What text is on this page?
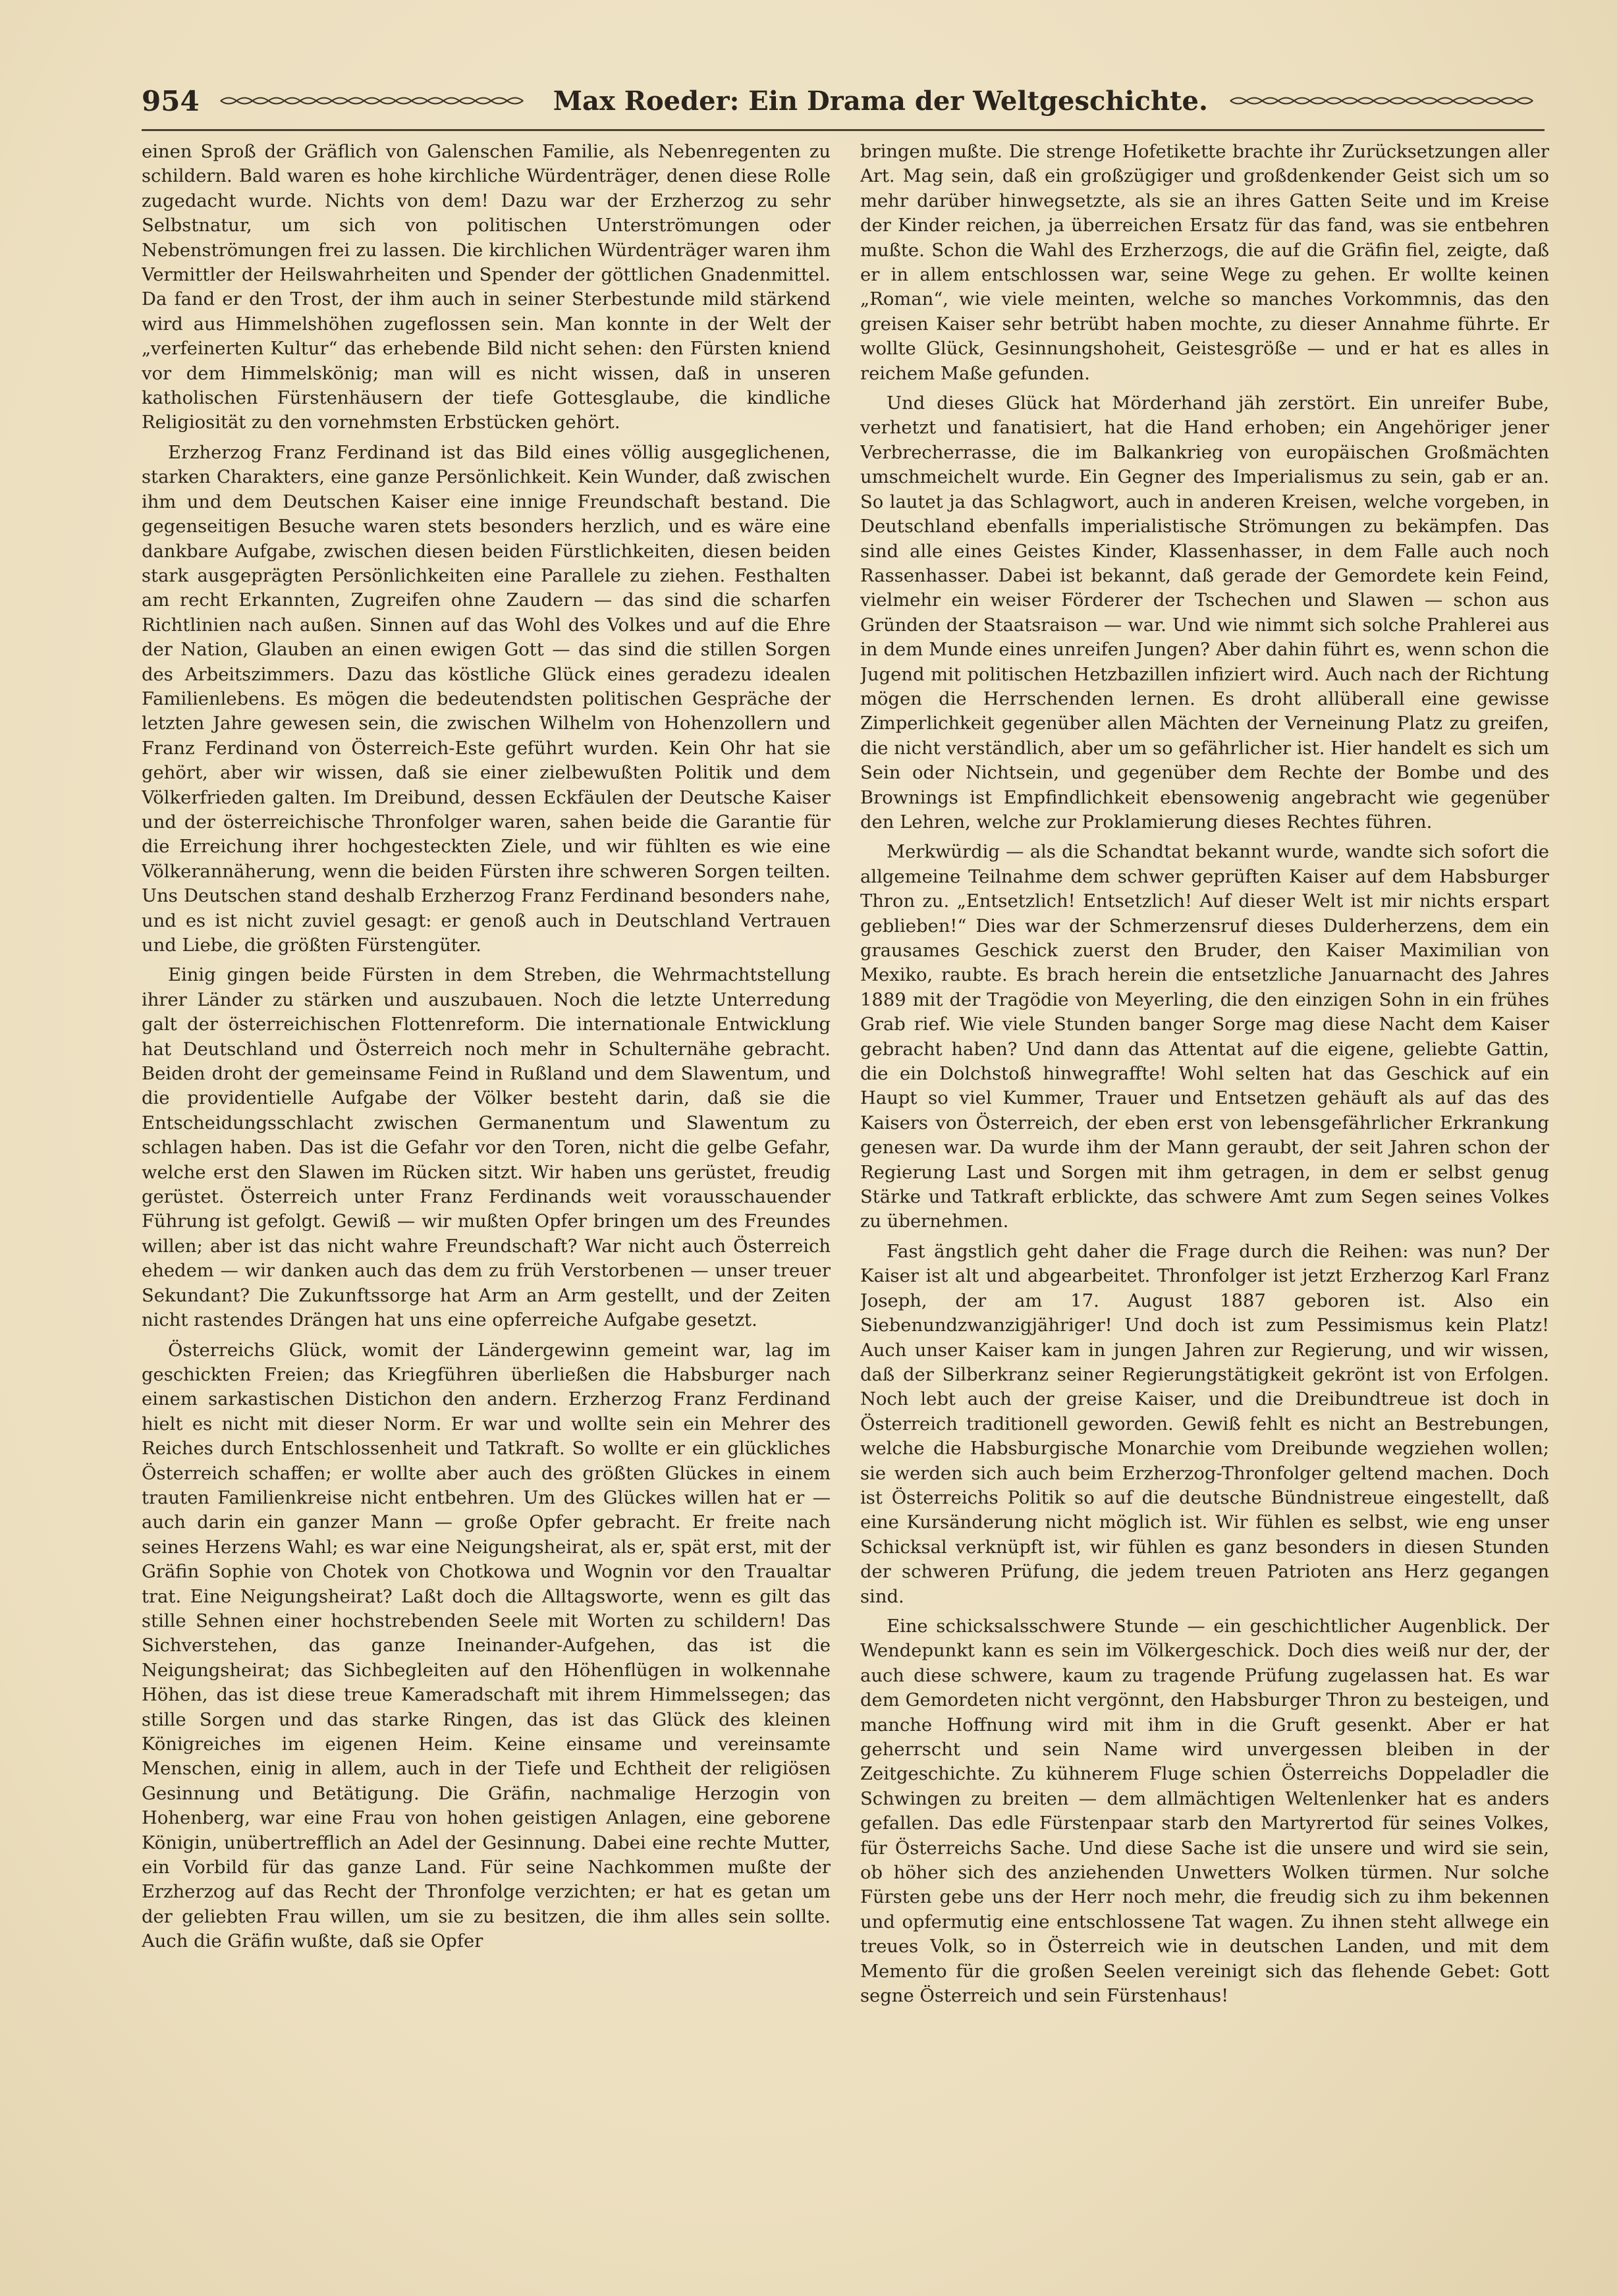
954	Max Roeder: Ein Drama der Weltgeschichte.

einen Sproß der Gräflich von Galenschen Familie, als Nebenregenten zu schildern. Bald waren es hohe kirchliche Würdenträger, denen diese Rolle zugedacht wurde. Nichts von dem! Dazu war der Erzherzog zu sehr Selbstnatur, um sich von politischen Unterströmungen oder Nebenströmungen frei zu lassen. Die kirchlichen Würdenträger waren ihm Vermittler der Heilswahrheiten und Spender der göttlichen Gnadenmittel. Da fand er den Trost, der ihm auch in seiner Sterbestunde mild stärkend wird aus Himmelshöhen zugeflossen sein. Man konnte in der Welt der „verfeinerten Kultur“ das erhebende Bild nicht sehen: den Fürsten kniend vor dem Himmelskönig; man will es nicht wissen, daß in unseren katholischen Fürstenhäusern der tiefe Gottesglaube, die kindliche Religiosität zu den vornehmsten Erbstücken gehört.

Erzherzog Franz Ferdinand ist das Bild eines völlig ausgeglichenen, starken Charakters, eine ganze Persönlichkeit. Kein Wunder, daß zwischen ihm und dem Deutschen Kaiser eine innige Freundschaft bestand. Die gegenseitigen Besuche waren stets besonders herzlich, und es wäre eine dankbare Aufgabe, zwischen diesen beiden Fürstlichkeiten, diesen beiden stark ausgeprägten Persönlichkeiten eine Parallele zu ziehen. Festhalten am recht Erkannten, Zugreifen ohne Zaudern — das sind die scharfen Richtlinien nach außen. Sinnen auf das Wohl des Volkes und auf die Ehre der Nation, Glauben an einen ewigen Gott — das sind die stillen Sorgen des Arbeitszimmers. Dazu das köstliche Glück eines geradezu idealen Familienlebens. Es mögen die bedeutendsten politischen Gespräche der letzten Jahre gewesen sein, die zwischen Wilhelm von Hohenzollern und Franz Ferdinand von Österreich-Este geführt wurden. Kein Ohr hat sie gehört, aber wir wissen, daß sie einer zielbewußten Politik und dem Völkerfrieden galten. Im Dreibund, dessen Eckfäulen der Deutsche Kaiser und der österreichische Thronfolger waren, sahen beide die Garantie für die Erreichung ihrer hochgesteckten Ziele, und wir fühlten es wie eine Völkerannäherung, wenn die beiden Fürsten ihre schweren Sorgen teilten. Uns Deutschen stand deshalb Erzherzog Franz Ferdinand besonders nahe, und es ist nicht zuviel gesagt: er genoß auch in Deutschland Vertrauen und Liebe, die größten Fürstengüter.

Einig gingen beide Fürsten in dem Streben, die Wehrmachtstellung ihrer Länder zu stärken und auszubauen. Noch die letzte Unterredung galt der österreichischen Flottenreform. Die internationale Entwicklung hat Deutschland und Österreich noch mehr in Schulternähe gebracht. Beiden droht der gemeinsame Feind in Rußland und dem Slawentum, und die providentielle Aufgabe der Völker besteht darin, daß sie die Entscheidungsschlacht zwischen Germanentum und Slawentum zu schlagen haben. Das ist die Gefahr vor den Toren, nicht die gelbe Gefahr, welche erst den Slawen im Rücken sitzt. Wir haben uns gerüstet, freudig gerüstet. Österreich unter Franz Ferdinands weit vorausschauender Führung ist gefolgt. Gewiß — wir mußten Opfer bringen um des Freundes willen; aber ist das nicht wahre Freundschaft? War nicht auch Österreich ehedem — wir danken auch das dem zu früh Verstorbenen — unser treuer Sekundant? Die Zukunftssorge hat Arm an Arm gestellt, und der Zeiten nicht rastendes Drängen hat uns eine opferreiche Aufgabe gesetzt.

Österreichs Glück, womit der Ländergewinn gemeint war, lag im geschickten Freien; das Kriegführen überließen die Habsburger nach einem sarkastischen Distichon den andern. Erzherzog Franz Ferdinand hielt es nicht mit dieser Norm. Er war und wollte sein ein Mehrer des Reiches durch Entschlossenheit und Tatkraft. So wollte er ein glückliches Österreich schaffen; er wollte aber auch des größten Glückes in einem trauten Familienkreise nicht entbehren. Um des Glückes willen hat er — auch darin ein ganzer Mann — große Opfer gebracht. Er freite nach seines Herzens Wahl; es war eine Neigungsheirat, als er, spät erst, mit der Gräfin Sophie von Chotek von Chotkowa und Wognin vor den Traualtar trat. Eine Neigungsheirat? Laßt doch die Alltagsworte, wenn es gilt das stille Sehnen einer hochstrebenden Seele mit Worten zu schildern! Das Sichverstehen, das ganze Ineinander-Aufgehen, das ist die Neigungsheirat; das Sichbegleiten auf den Höhenflügen in wolkennahe Höhen, das ist diese treue Kameradschaft mit ihrem Himmelssegen; das stille Sorgen und das starke Ringen, das ist das Glück des kleinen Königreiches im eigenen Heim. Keine einsame und vereinsamte Menschen, einig in allem, auch in der Tiefe und Echtheit der religiösen Gesinnung und Betätigung. Die Gräfin, nachmalige Herzogin von Hohenberg, war eine Frau von hohen geistigen Anlagen, eine geborene Königin, unübertrefflich an Adel der Gesinnung. Dabei eine rechte Mutter, ein Vorbild für das ganze Land. Für seine Nachkommen mußte der Erzherzog auf das Recht der Thronfolge verzichten; er hat es getan um der geliebten Frau willen, um sie zu besitzen, die ihm alles sein sollte. Auch die Gräfin wußte, daß sie Opfer

bringen mußte. Die strenge Hofetikette brachte ihr Zurücksetzungen aller Art. Mag sein, daß ein großzügiger und großdenkender Geist sich um so mehr darüber hinwegsetzte, als sie an ihres Gatten Seite und im Kreise der Kinder reichen, ja überreichen Ersatz für das fand, was sie entbehren mußte. Schon die Wahl des Erzherzogs, die auf die Gräfin fiel, zeigte, daß er in allem entschlossen war, seine Wege zu gehen. Er wollte keinen „Roman“, wie viele meinten, welche so manches Vorkommnis, das den greisen Kaiser sehr betrübt haben mochte, zu dieser Annahme führte. Er wollte Glück, Gesinnungshoheit, Geistesgröße — und er hat es alles in reichem Maße gefunden.

Und dieses Glück hat Mörderhand jäh zerstört. Ein unreifer Bube, verhetzt und fanatisiert, hat die Hand erhoben; ein Angehöriger jener Verbrecherrasse, die im Balkankrieg von europäischen Großmächten umschmeichelt wurde. Ein Gegner des Imperialismus zu sein, gab er an. So lautet ja das Schlagwort, auch in anderen Kreisen, welche vorgeben, in Deutschland ebenfalls imperialistische Strömungen zu bekämpfen. Das sind alle eines Geistes Kinder, Klassenhasser, in dem Falle auch noch Rassenhasser. Dabei ist bekannt, daß gerade der Gemordete kein Feind, vielmehr ein weiser Förderer der Tschechen und Slawen — schon aus Gründen der Staatsraison — war. Und wie nimmt sich solche Prahlerei aus in dem Munde eines unreifen Jungen? Aber dahin führt es, wenn schon die Jugend mit politischen Hetzbazillen infiziert wird. Auch nach der Richtung mögen die Herrschenden lernen. Es droht allüberall eine gewisse Zimperlichkeit gegenüber allen Mächten der Verneinung Platz zu greifen, die nicht verständlich, aber um so gefährlicher ist. Hier handelt es sich um Sein oder Nichtsein, und gegenüber dem Rechte der Bombe und des Brownings ist Empfindlichkeit ebensowenig angebracht wie gegenüber den Lehren, welche zur Proklamierung dieses Rechtes führen.

Merkwürdig — als die Schandtat bekannt wurde, wandte sich sofort die allgemeine Teilnahme dem schwer geprüften Kaiser auf dem Habsburger Thron zu. „Entsetzlich! Entsetzlich! Auf dieser Welt ist mir nichts erspart geblieben!“ Dies war der Schmerzensruf dieses Dulderherzens, dem ein grausames Geschick zuerst den Bruder, den Kaiser Maximilian von Mexiko, raubte. Es brach herein die entsetzliche Januarnacht des Jahres 1889 mit der Tragödie von Meyerling, die den einzigen Sohn in ein frühes Grab rief. Wie viele Stunden banger Sorge mag diese Nacht dem Kaiser gebracht haben? Und dann das Attentat auf die eigene, geliebte Gattin, die ein Dolchstoß hinwegraffte! Wohl selten hat das Geschick auf ein Haupt so viel Kummer, Trauer und Entsetzen gehäuft als auf das des Kaisers von Österreich, der eben erst von lebensgefährlicher Erkrankung genesen war. Da wurde ihm der Mann geraubt, der seit Jahren schon der Regierung Last und Sorgen mit ihm getragen, in dem er selbst genug Stärke und Tatkraft erblickte, das schwere Amt zum Segen seines Volkes zu übernehmen.

Fast ängstlich geht daher die Frage durch die Reihen: was nun? Der Kaiser ist alt und abgearbeitet. Thronfolger ist jetzt Erzherzog Karl Franz Joseph, der am 17. August 1887 geboren ist. Also ein Siebenundzwanzigjähriger! Und doch ist zum Pessimismus kein Platz! Auch unser Kaiser kam in jungen Jahren zur Regierung, und wir wissen, daß der Silberkranz seiner Regierungstätigkeit gekrönt ist von Erfolgen. Noch lebt auch der greise Kaiser, und die Dreibundtreue ist doch in Österreich traditionell geworden. Gewiß fehlt es nicht an Bestrebungen, welche die Habsburgische Monarchie vom Dreibunde wegziehen wollen; sie werden sich auch beim Erzherzog-Thronfolger geltend machen. Doch ist Österreichs Politik so auf die deutsche Bündnistreue eingestellt, daß eine Kursänderung nicht möglich ist. Wir fühlen es selbst, wie eng unser Schicksal verknüpft ist, wir fühlen es ganz besonders in diesen Stunden der schweren Prüfung, die jedem treuen Patrioten ans Herz gegangen sind.

Eine schicksalsschwere Stunde — ein geschichtlicher Augenblick. Der Wendepunkt kann es sein im Völkergeschick. Doch dies weiß nur der, der auch diese schwere, kaum zu tragende Prüfung zugelassen hat. Es war dem Gemordeten nicht vergönnt, den Habsburger Thron zu besteigen, und manche Hoffnung wird mit ihm in die Gruft gesenkt. Aber er hat geherrscht und sein Name wird unvergessen bleiben in der Zeitgeschichte. Zu kühnerem Fluge schien Österreichs Doppeladler die Schwingen zu breiten — dem allmächtigen Weltenlenker hat es anders gefallen. Das edle Fürstenpaar starb den Martyrertod für seines Volkes, für Österreichs Sache. Und diese Sache ist die unsere und wird sie sein, ob höher sich des anziehenden Unwetters Wolken türmen. Nur solche Fürsten gebe uns der Herr noch mehr, die freudig sich zu ihm bekennen und opfermutig eine entschlossene Tat wagen. Zu ihnen steht allwege ein treues Volk, so in Österreich wie in deutschen Landen, und mit dem Memento für die großen Seelen vereinigt sich das flehende Gebet: Gott segne Österreich und sein Fürstenhaus!
